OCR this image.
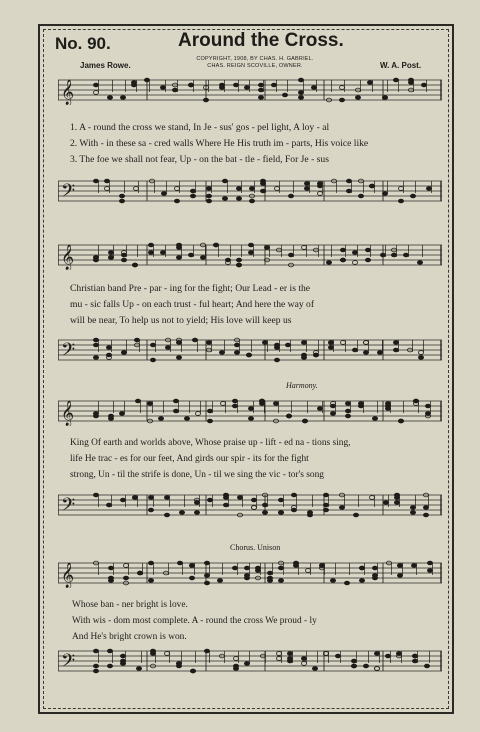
No. 90.	Around the Cross.
COPYRIGHT, 1908, BY CHAS. H. GABRIEL.
CHAS. REIGN SCOVILLE, OWNER.
James Rowe.	W. A. Post.
𝄞
1. A - round the cross we stand, In Je - sus' gos - pel light, A loy - al
2. With - in these sa - cred walls Where He His truth im - parts, His voice like
3. The foe we shall not fear, Up - on the bat - tle - field, For Je - sus
𝄢
𝄞
Christian band Pre - par - ing for the fight; Our Lead - er is the
mu - sic falls Up - on each trust - ful heart; And here the way of
will be near, To help us not to yield; His love will keep us
𝄢
Harmony.
𝄞
King Of earth and worlds above, Whose praise up - lift - ed na - tions sing,
life He trac - es for our feet, And girds our spir - its for the fight
strong, Un - til the strife is done, Un - til we sing the vic - tor's song
𝄢
Chorus. Unison
𝄞
Whose ban - ner bright is love.
With wis - dom most complete. A - round the cross We proud - ly
And He's bright crown is won.
𝄢
